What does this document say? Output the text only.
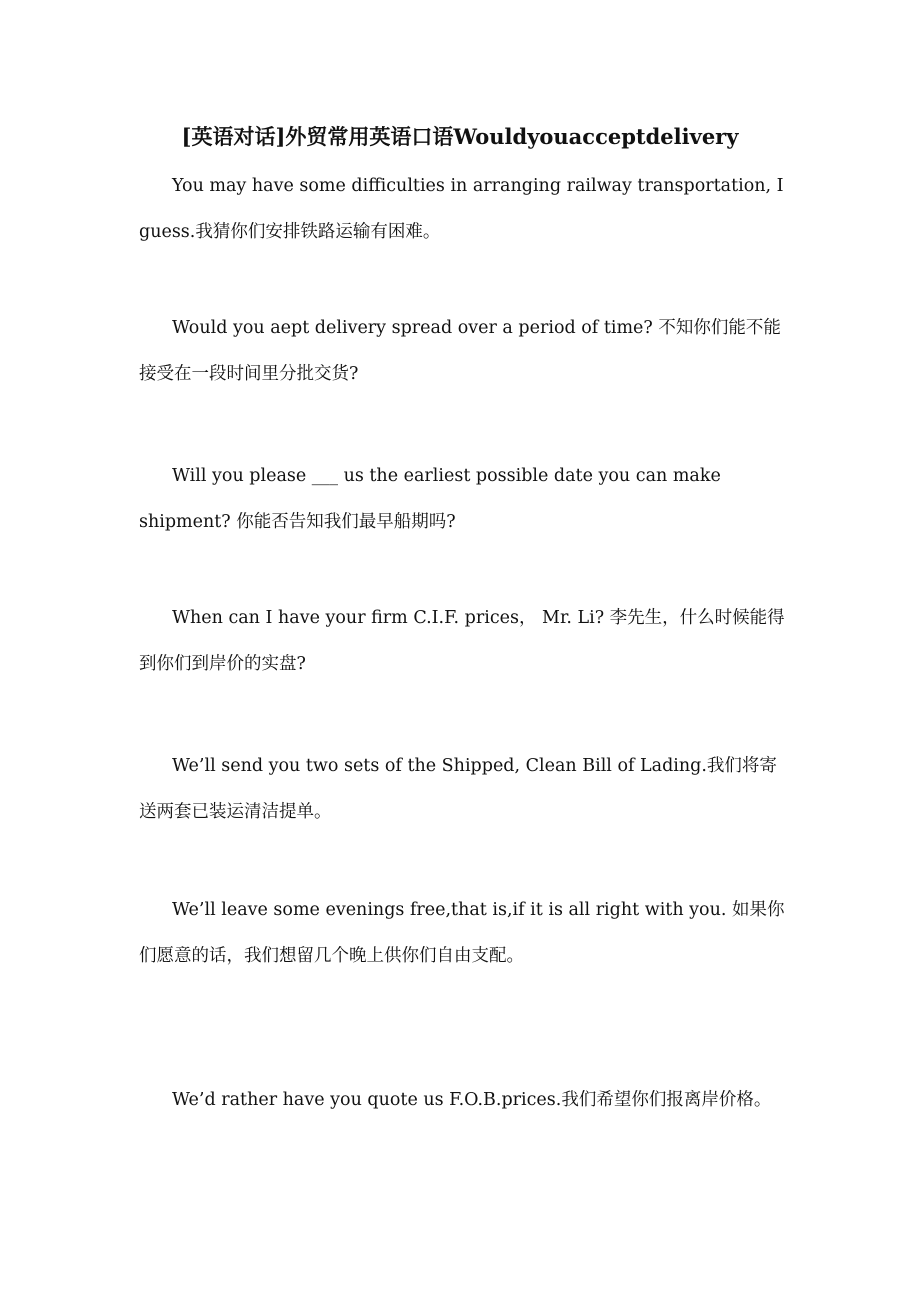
[英语对话]外贸常用英语口语Wouldyouacceptdelivery

You may have some difficulties in arranging railway transportation, I guess.我猜你们安排铁路运输有困难。

Would you aept delivery spread over a period of time? 不知你们能不能接受在一段时间里分批交货?

Will you please ___ us the earliest possible date you can make shipment? 你能否告知我们最早船期吗?

When can I have your firm C.I.F. prices， Mr. Li? 李先生，什么时候能得到你们到岸价的实盘?

We’ll send you two sets of the Shipped, Clean Bill of Lading.我们将寄送两套已装运清洁提单。

We’ll leave some evenings free,that is,if it is all right with you. 如果你们愿意的话，我们想留几个晚上供你们自由支配。

We’d rather have you quote us F.O.B.prices.我们希望你们报离岸价格。
